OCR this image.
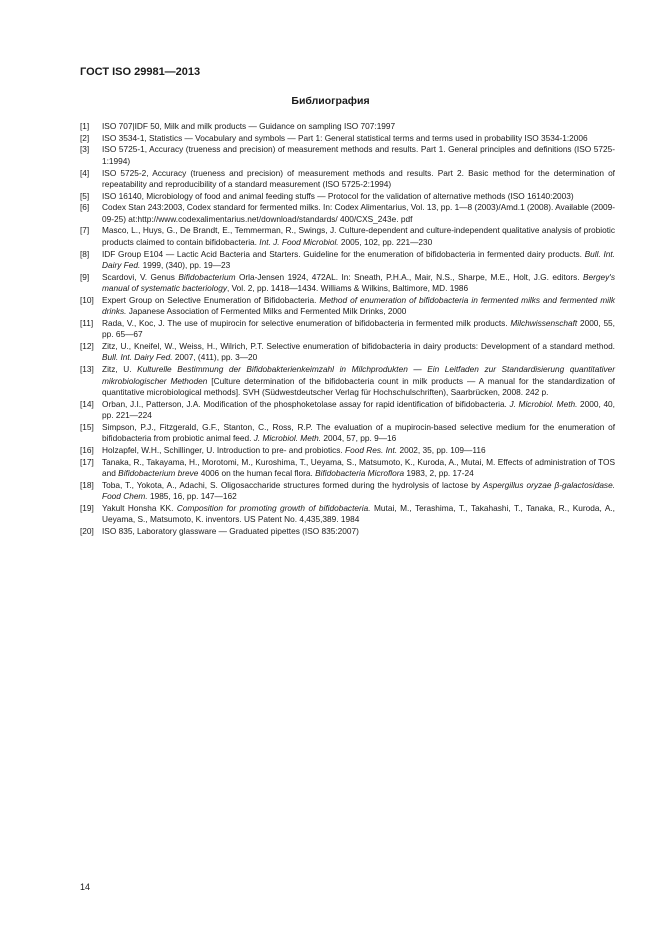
ГОСТ ISO 29981—2013
Библиография
[1]	ISO 707|IDF 50, Milk and milk products — Guidance on sampling ISO 707:1997
[2]	ISO 3534-1, Statistics — Vocabulary and symbols — Part 1: General statistical terms and terms used in probability ISO 3534-1:2006
[3]	ISO 5725-1, Accuracy (trueness and precision) of measurement methods and results. Part 1. General principles and definitions (ISO 5725-1:1994)
[4]	ISO 5725-2, Accuracy (trueness and precision) of measurement methods and results. Part 2. Basic method for the determination of repeatability and reproducibility of a standard measurement (ISO 5725-2:1994)
[5]	ISO 16140, Microbiology of food and animal feeding stuffs — Protocol for the validation of alternative methods (ISO 16140:2003)
[6]	Codex Stan 243:2003, Codex standard for fermented milks. In: Codex Alimentarius, Vol. 13, pp. 1—8 (2003)/Amd.1 (2008). Available (2009-09-25) at:http://www.codexalimentarius.net/download/standards/ 400/CXS_243e. pdf
[7]	Masco, L., Huys, G., De Brandt, E., Temmerman, R., Swings, J. Culture-dependent and culture-independent qualitative analysis of probiotic products claimed to contain bifidobacteria. Int. J. Food Microbiol. 2005, 102, pp. 221—230
[8]	IDF Group E104 — Lactic Acid Bacteria and Starters. Guideline for the enumeration of bifidobacteria in fermented dairy products. Bull. Int. Dairy Fed. 1999, (340), pp. 19—23
[9]	Scardovi, V. Genus Bifidobacterium Orla-Jensen 1924, 472AL. In: Sneath, P.H.A., Mair, N.S., Sharpe, M.E., Holt, J.G. editors. Bergey's manual of systematic bacteriology, Vol. 2, pp. 1418—1434. Williams & Wilkins, Baltimore, MD. 1986
[10] Expert Group on Selective Enumeration of Bifidobacteria. Method of enumeration of bifidobacteria in fermented milks and fermented milk drinks. Japanese Association of Fermented Milks and Fermented Milk Drinks, 2000
[11]	Rada, V., Koc, J. The use of mupirocin for selective enumeration of bifidobacteria in fermented milk products. Milchwissenschaft 2000, 55, pp. 65—67
[12] Zitz, U., Kneifel, W., Weiss, H., Wilrich, P.T. Selective enumeration of bifidobacteria in dairy products: Development of a standard method. Bull. Int. Dairy Fed. 2007, (411), pp. 3—20
[13] Zitz, U. Kulturelle Bestimmung der Bifidobakterienkeimzahl in Milchprodukten — Ein Leitfaden zur Standardisierung quantitativer mikrobiologischer Methoden [Culture determination of the bifidobacteria count in milk products — A manual for the standardization of quantitative microbiological methods]. SVH (Südwestdeutscher Verlag für Hochschulschriften), Saarbrücken, 2008. 242 p.
[14] Orban, J.I., Patterson, J.A. Modification of the phosphoketolase assay for rapid identification of bifidobacteria. J. Microbiol. Meth. 2000, 40, pp. 221—224
[15] Simpson, P.J., Fitzgerald, G.F., Stanton, C., Ross, R.P. The evaluation of a mupirocin-based selective medium for the enumeration of bifidobacteria from probiotic animal feed. J. Microbiol. Meth. 2004, 57, pp. 9—16
[16] Holzapfel, W.H., Schillinger, U. Introduction to pre- and probiotics. Food Res. Int. 2002, 35, pp. 109—116
[17] Tanaka, R., Takayama, H., Morotomi, M., Kuroshima, T., Ueyama, S., Matsumoto, K., Kuroda, A., Mutai, M. Effects of administration of TOS and Bifidobacterium breve 4006 on the human fecal flora. Bifidobacteria Microflora 1983, 2, pp. 17-24
[18] Toba, T., Yokota, A., Adachi, S. Oligosaccharide structures formed during the hydrolysis of lactose by Aspergillus oryzae β-galactosidase. Food Chem. 1985, 16, pp. 147—162
[19] Yakult Honsha KK. Composition for promoting growth of bifidobacteria. Mutai, M., Terashima, T., Takahashi, T., Tanaka, R., Kuroda, A., Ueyama, S., Matsumoto, K. inventors. US Patent No. 4,435,389. 1984
[20] ISO 835, Laboratory glassware — Graduated pipettes (ISO 835:2007)
14
